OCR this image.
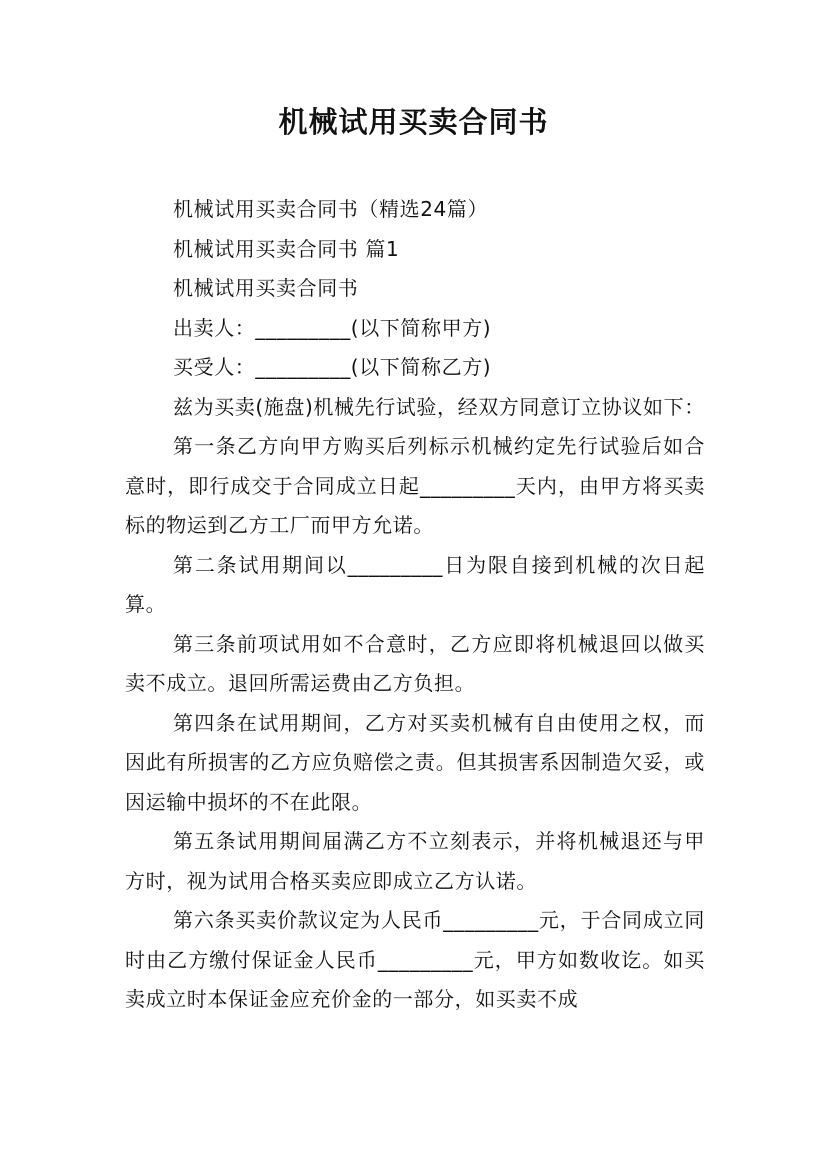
机械试用买卖合同书

机械试用买卖合同书（精选24篇）

机械试用买卖合同书 篇1

机械试用买卖合同书

出卖人：_________(以下简称甲方)

买受人：_________(以下简称乙方)

兹为买卖(施盘)机械先行试验，经双方同意订立协议如下：

第一条乙方向甲方购买后列标示机械约定先行试验后如合意时，即行成交于合同成立日起_________天内，由甲方将买卖标的物运到乙方工厂而甲方允诺。

第二条试用期间以_________日为限自接到机械的次日起算。

第三条前项试用如不合意时，乙方应即将机械退回以做买卖不成立。退回所需运费由乙方负担。

第四条在试用期间，乙方对买卖机械有自由使用之权，而因此有所损害的乙方应负赔偿之责。但其损害系因制造欠妥，或因运输中损坏的不在此限。

第五条试用期间届满乙方不立刻表示，并将机械退还与甲方时，视为试用合格买卖应即成立乙方认诺。

第六条买卖价款议定为人民币_________元，于合同成立同时由乙方缴付保证金人民币_________元，甲方如数收讫。如买卖成立时本保证金应充价金的一部分，如买卖不成
